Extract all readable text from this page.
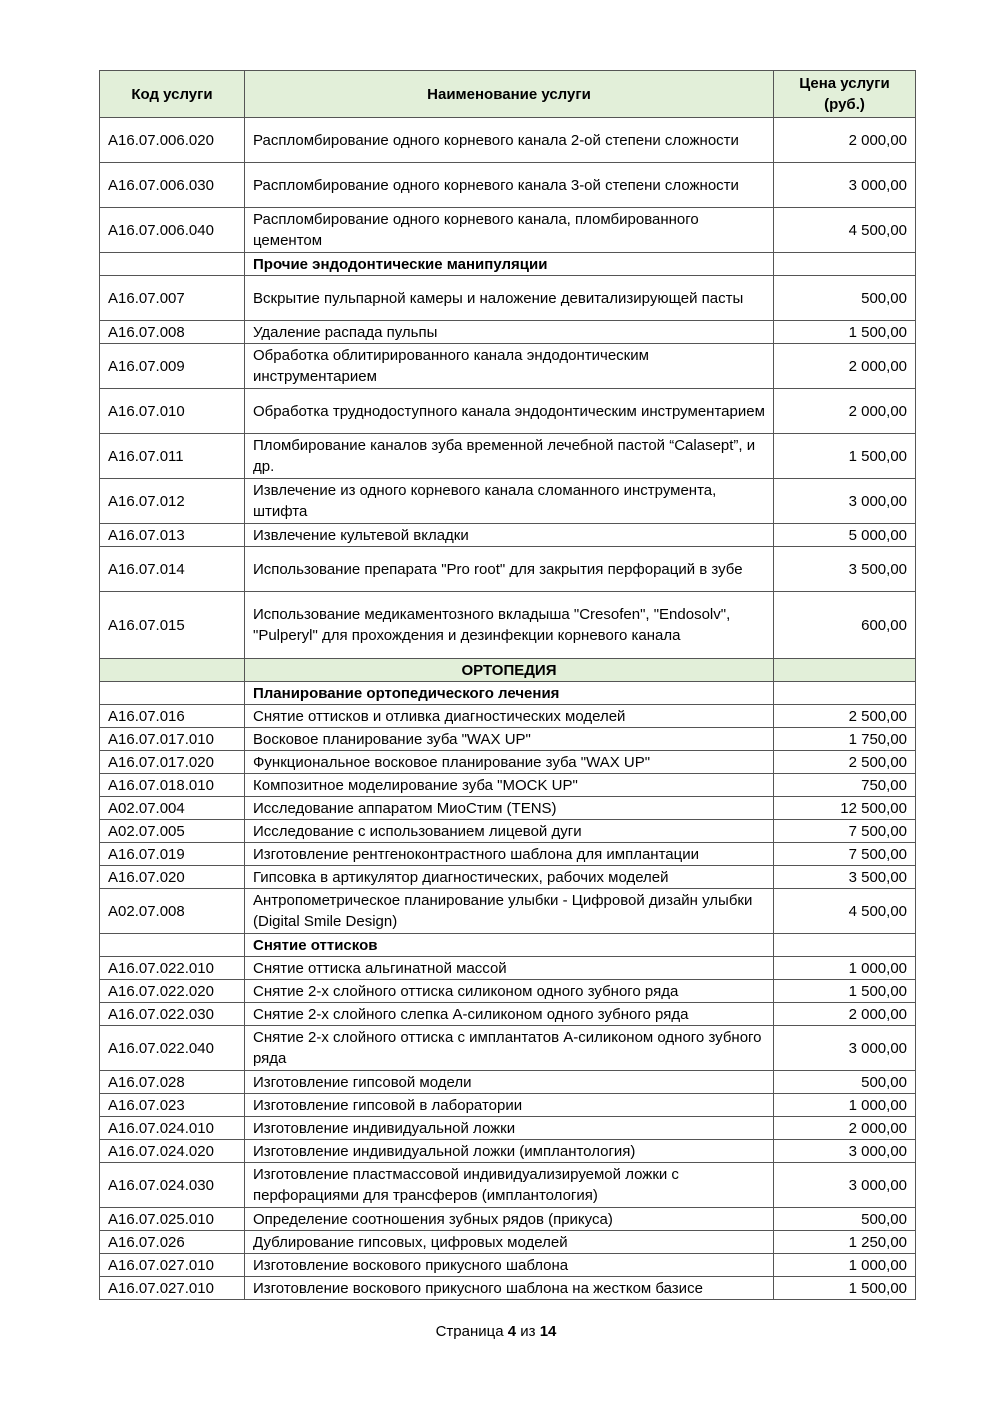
Код услуги	Наименование услуги	Цена услуги (руб.)
A16.07.006.020	Распломбирование одного корневого канала 2-ой степени сложности	2 000,00
A16.07.006.030	Распломбирование одного корневого канала 3-ой степени сложности	3 000,00
A16.07.006.040	Распломбирование одного корневого канала, пломбированного цементом	4 500,00
	Прочие эндодонтические манипуляции	
A16.07.007	Вскрытие пульпарной камеры и наложение девитализирующей пасты	500,00
A16.07.008	Удаление распада пульпы	1 500,00
A16.07.009	Обработка облитирированного канала эндодонтическим инструментарием	2 000,00
A16.07.010	Обработка труднодоступного канала эндодонтическим инструментарием	2 000,00
A16.07.011	Пломбирование каналов зуба временной лечебной пастой “Calasept”, и др.	1 500,00
A16.07.012	Извлечение из одного корневого канала сломанного инструмента, штифта	3 000,00
A16.07.013	Извлечение культевой вкладки	5 000,00
A16.07.014	Использование препарата "Pro root" для закрытия перфораций в зубе	3 500,00
A16.07.015	Использование медикаментозного вкладыша "Cresofen", "Endosolv", "Pulperyl" для прохождения и дезинфекции корневого канала	600,00
	ОРТОПЕДИЯ	
	Планирование ортопедического лечения	
A16.07.016	Снятие оттисков и отливка диагностических моделей	2 500,00
A16.07.017.010	Восковое планирование зуба "WAX UP"	1 750,00
A16.07.017.020	Функциональное восковое планирование зуба "WAX UP"	2 500,00
A16.07.018.010	Композитное моделирование зуба "MOCK UP"	750,00
A02.07.004	Исследование аппаратом МиоСтим (TENS)	12 500,00
A02.07.005	Исследование с использованием лицевой дуги	7 500,00
A16.07.019	Изготовление рентгеноконтрастного шаблона для имплантации	7 500,00
A16.07.020	Гипсовка в артикулятор диагностических, рабочих моделей	3 500,00
A02.07.008	Антропометрическое планирование улыбки - Цифровой дизайн улыбки (Digital Smile Design)	4 500,00
	Снятие оттисков	
A16.07.022.010	Снятие оттиска альгинатной массой	1 000,00
A16.07.022.020	Снятие 2-х слойного оттиска силиконом одного зубного ряда	1 500,00
A16.07.022.030	Снятие 2-х слойного слепка А-силиконом одного зубного ряда	2 000,00
A16.07.022.040	Снятие 2-х слойного оттиска с имплантатов А-силиконом одного зубного ряда	3 000,00
A16.07.028	Изготовление гипсовой модели	500,00
A16.07.023	Изготовление гипсовой в лаборатории	1 000,00
A16.07.024.010	Изготовление индивидуальной ложки	2 000,00
A16.07.024.020	Изготовление индивидуальной ложки (имплантология)	3 000,00
A16.07.024.030	Изготовление пластмассовой индивидуализируемой ложки с перфорациями для трансферов (имплантология)	3 000,00
A16.07.025.010	Определение соотношения зубных рядов (прикуса)	500,00
A16.07.026	Дублирование гипсовых, цифровых моделей	1 250,00
A16.07.027.010	Изготовление воскового прикусного шаблона	1 000,00
A16.07.027.010	Изготовление воскового прикусного шаблона на жестком базисе	1 500,00
Страница 4 из 14
